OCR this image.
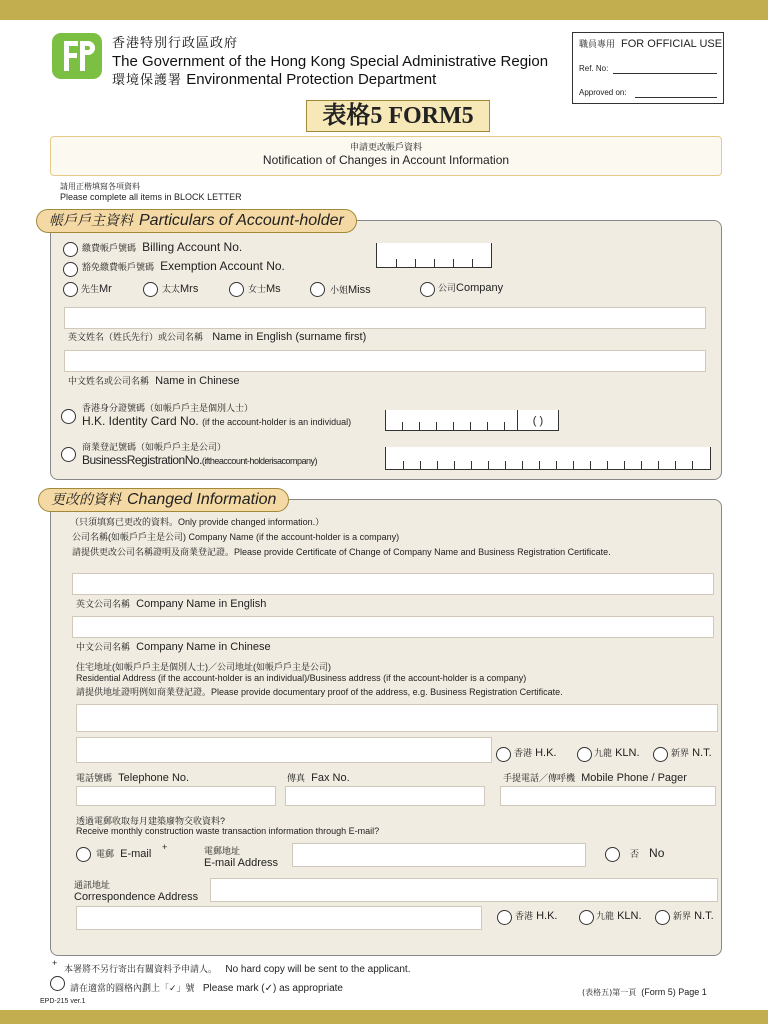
香港特別行政區政府
The Government of the Hong Kong Special Administrative Region
環境保護署 Environmental Protection Department
職員專用 FOR OFFICIAL USE
Ref. No:
Approved on:
表格5 FORM5
申請更改帳戶資料
Notification of Changes in Account Information
請用正楷填寫各項資料
Please complete all items in BLOCK LETTER
帳戶戶主資料 Particulars of Account-holder
繳費帳戶號碼 Billing Account No.
豁免繳費帳戶號碼 Exemption Account No.
先生Mr	太太Mrs	女士Ms	小姐Miss	公司Company
英文姓名（姓氏先行）或公司名稱 Name in English (surname first)
中文姓名或公司名稱 Name in Chinese
香港身分證號碼（如帳戶戶主是個別人士）
H.K. Identity Card No. (if the account-holder is an individual)	( )
商業登記號碼（如帳戶戶主是公司）
BusinessRegistrationNo.(iftheaccount-holderisacompany)
更改的資料 Changed Information
（只須填寫已更改的資料。Only provide changed information.）
公司名稱(如帳戶戶主是公司) Company Name (if the account-holder is a company)
請提供更改公司名稱證明及商業登記證。Please provide Certificate of Change of Company Name and Business Registration Certificate.
英文公司名稱 Company Name in English
中文公司名稱 Company Name in Chinese
住宅地址(如帳戶戶主是個別人士)／公司地址(如帳戶戶主是公司)
Residential Address (if the account-holder is an individual)/Business address (if the account-holder is a company)
請提供地址證明例如商業登記證。Please provide documentary proof of the address, e.g. Business Registration Certificate.
香港 H.K.	九龍 KLN.	新界 N.T.
電話號碼 Telephone No.	傳真 Fax No.	手提電話／傳呼機 Mobile Phone / Pager
透過電郵收取每月建築廢物交收資料?
Receive monthly construction waste transaction information through E-mail?
電郵 E-mail
+	電郵地址
E-mail Address
否 No
通訊地址
Correspondence Address
香港 H.K.	九龍 KLN.	新界 N.T.
+
本署將不另行寄出有關資料予申請人。 No hard copy will be sent to the applicant.
請在適當的圓格內劃上「✓」號 Please mark (✓) as appropriate
EPD-215 ver.1
(表格五)第一頁 (Form 5) Page 1
